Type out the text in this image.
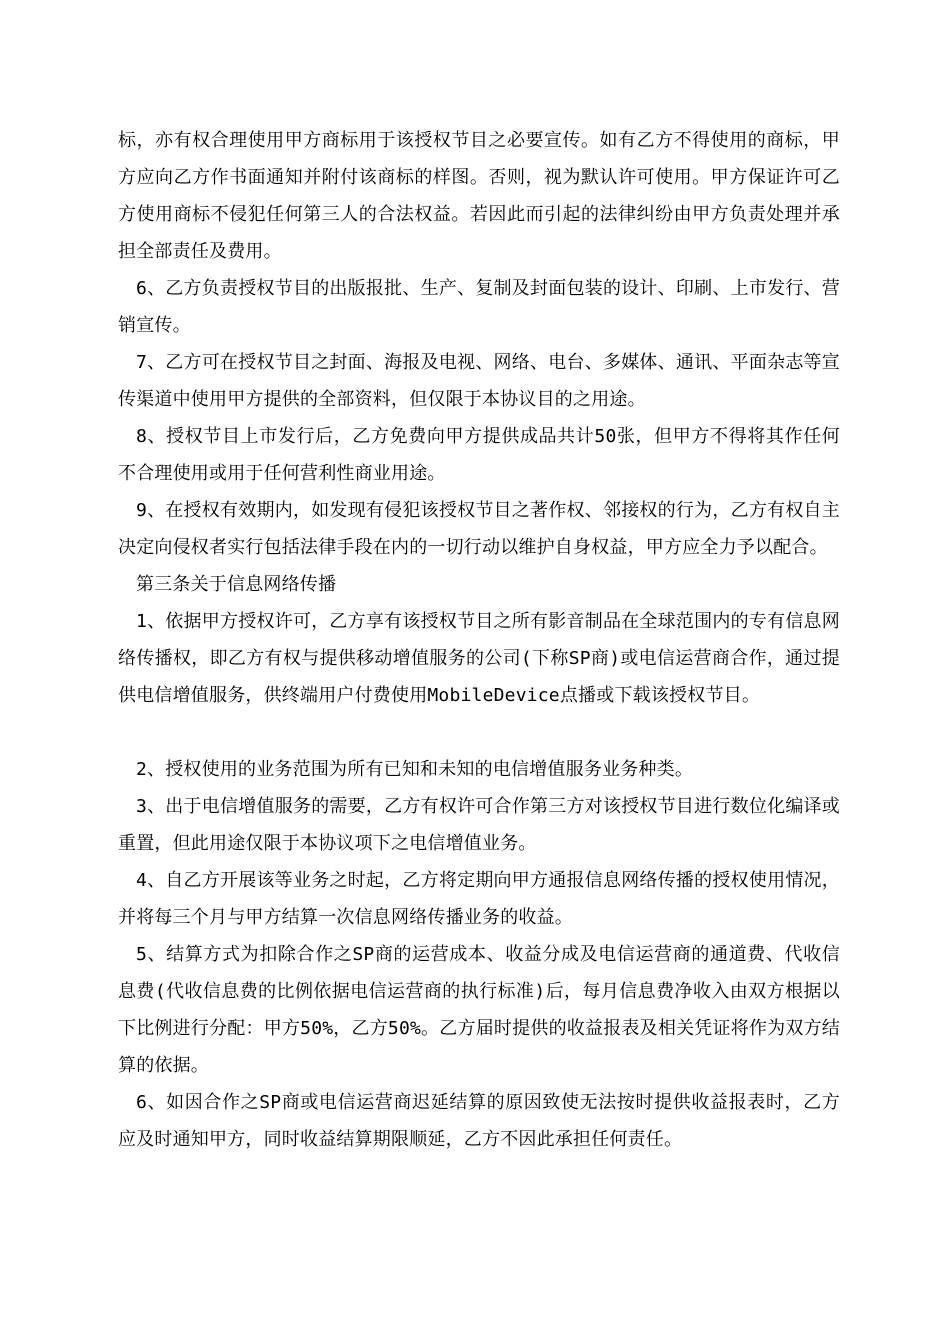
标，亦有权合理使用甲方商标用于该授权节目之必要宣传。如有乙方不得使用的商标，甲方应向乙方作书面通知并附付该商标的样图。否则，视为默认许可使用。甲方保证许可乙方使用商标不侵犯任何第三人的合法权益。若因此而引起的法律纠纷由甲方负责处理并承担全部责任及费用。

6、乙方负责授权节目的出版报批、生产、复制及封面包装的设计、印刷、上市发行、营销宣传。

7、乙方可在授权节目之封面、海报及电视、网络、电台、多媒体、通讯、平面杂志等宣传渠道中使用甲方提供的全部资料，但仅限于本协议目的之用途。

8、授权节目上市发行后，乙方免费向甲方提供成品共计50张，但甲方不得将其作任何不合理使用或用于任何营利性商业用途。

9、在授权有效期内，如发现有侵犯该授权节目之著作权、邻接权的行为，乙方有权自主决定向侵权者实行包括法律手段在内的一切行动以维护自身权益，甲方应全力予以配合。

第三条关于信息网络传播

1、依据甲方授权许可，乙方享有该授权节目之所有影音制品在全球范围内的专有信息网络传播权，即乙方有权与提供移动增值服务的公司(下称SP商)或电信运营商合作，通过提供电信增值服务，供终端用户付费使用MobileDevice点播或下载该授权节目。

2、授权使用的业务范围为所有已知和未知的电信增值服务业务种类。

3、出于电信增值服务的需要，乙方有权许可合作第三方对该授权节目进行数位化编译或重置，但此用途仅限于本协议项下之电信增值业务。

4、自乙方开展该等业务之时起，乙方将定期向甲方通报信息网络传播的授权使用情况，并将每三个月与甲方结算一次信息网络传播业务的收益。

5、结算方式为扣除合作之SP商的运营成本、收益分成及电信运营商的通道费、代收信息费(代收信息费的比例依据电信运营商的执行标准)后，每月信息费净收入由双方根据以下比例进行分配：甲方50%，乙方50%。乙方届时提供的收益报表及相关凭证将作为双方结算的依据。

6、如因合作之SP商或电信运营商迟延结算的原因致使无法按时提供收益报表时，乙方应及时通知甲方，同时收益结算期限顺延，乙方不因此承担任何责任。
